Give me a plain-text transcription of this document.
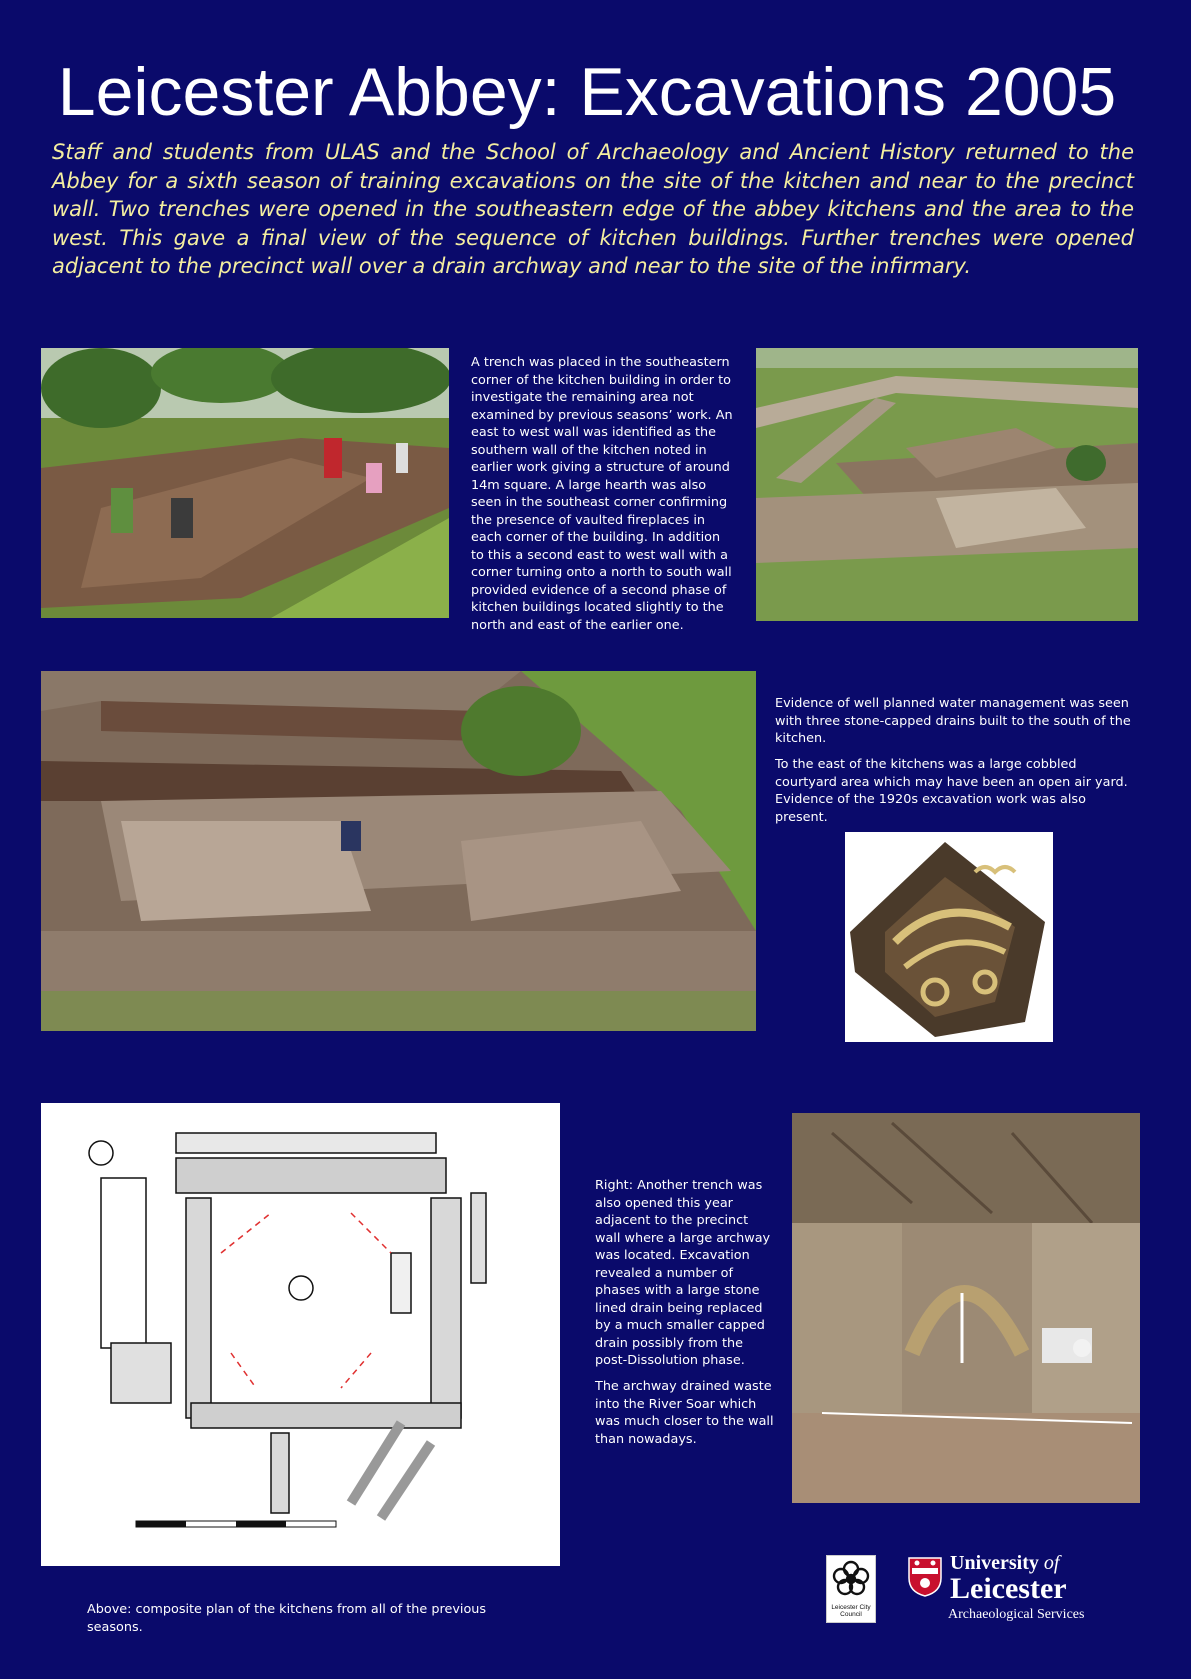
Leicester Abbey: Excavations 2005

Staff and students from ULAS and the School of Archaeology and Ancient History returned to the Abbey for a sixth season of training excavations on the site of the kitchen and near to the precinct wall. Two trenches were opened in the southeastern edge of the abbey kitchens and the area to the west. This gave a final view of the sequence of kitchen buildings. Further trenches were opened adjacent to the precinct wall over a drain archway and near to the site of the infirmary.

A trench was placed in the southeastern corner of the kitchen building in order to investigate the remaining area not examined by previous seasons’ work. An east to west wall was identified as the southern wall of the kitchen noted in earlier work giving a structure of around 14m square. A large hearth was also seen in the southeast corner confirming the presence of vaulted fireplaces in each corner of the building. In addition to this a second east to west wall with a corner turning onto a north to south wall provided evidence of a second phase of kitchen buildings located slightly to the north and east of the earlier one.

Evidence of well planned water management was seen with three stone-capped drains built to the south of the kitchen.

To the east of the kitchens was a large cobbled courtyard area which may have been an open air yard. Evidence of the 1920s excavation work was also present.

Right: Another trench was also opened this year adjacent to the precinct wall where a large archway was located. Excavation revealed a number of phases with a large stone lined drain being replaced by a much smaller capped drain possibly from the post-Dissolution phase.

The archway drained waste into the River Soar which was much closer to the wall than nowadays.

Above: composite plan of the kitchens from all of the previous seasons.

Leicester City Council
University of
Leicester
Archaeological Services
